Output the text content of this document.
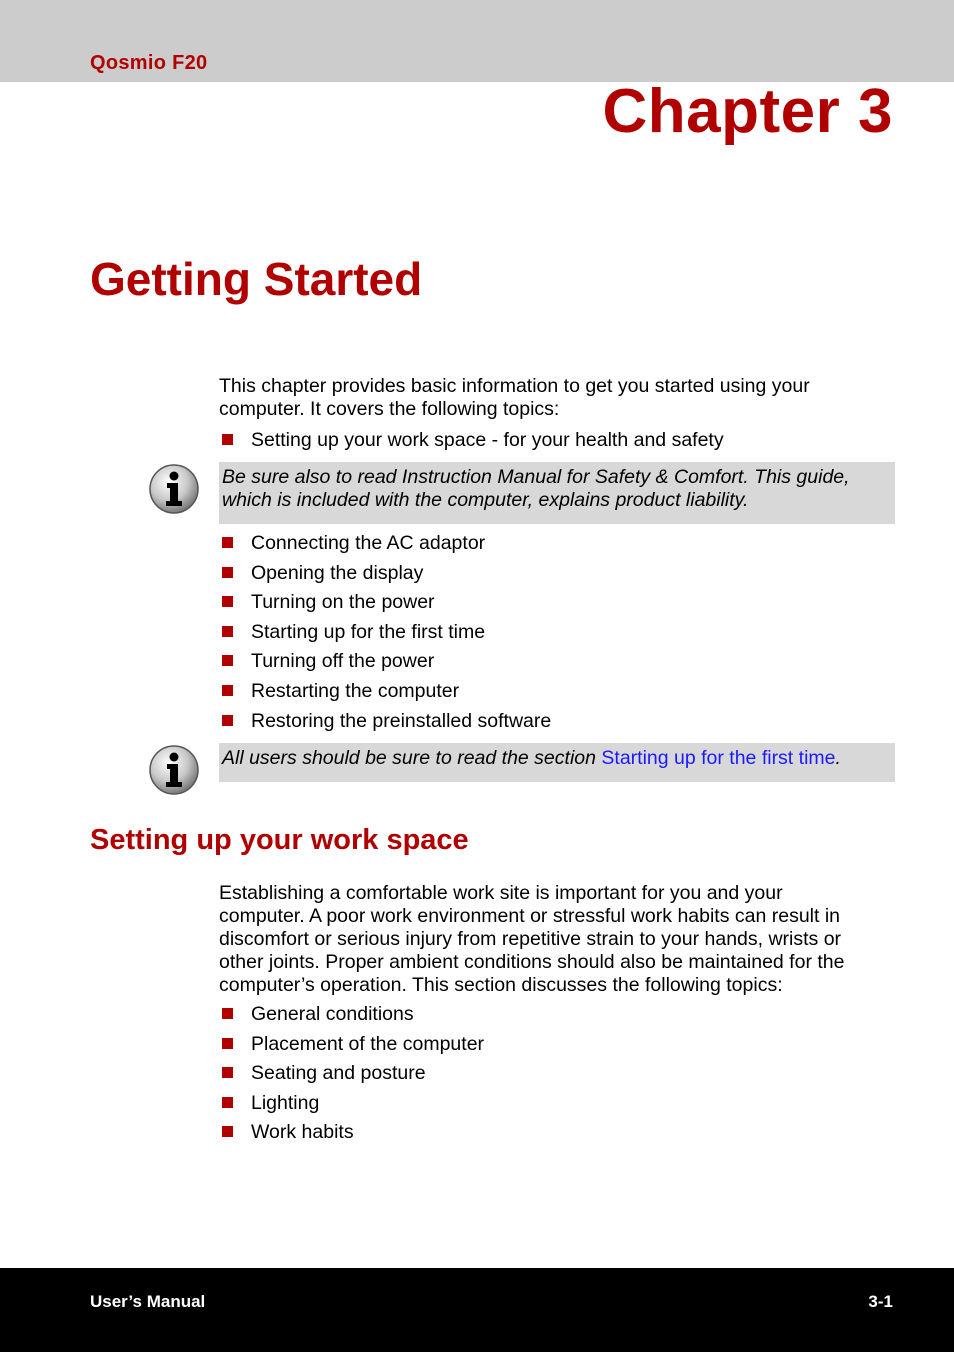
Qosmio F20
Chapter 3
Getting Started

This chapter provides basic information to get you started using your
computer. It covers the following topics:

Setting up your work space - for your health and safety
Be sure also to read Instruction Manual for Safety & Comfort. This guide,
which is included with the computer, explains product liability.
Connecting the AC adaptor
Opening the display
Turning on the power
Starting up for the first time
Turning off the power
Restarting the computer
Restoring the preinstalled software
All users should be sure to read the section Starting up for the first time.
Setting up your work space

Establishing a comfortable work site is important for you and your
computer. A poor work environment or stressful work habits can result in
discomfort or serious injury from repetitive strain to your hands, wrists or
other joints. Proper ambient conditions should also be maintained for the
computer’s operation. This section discusses the following topics:

General conditions
Placement of the computer
Seating and posture
Lighting
Work habits
User’s Manual	3-1
